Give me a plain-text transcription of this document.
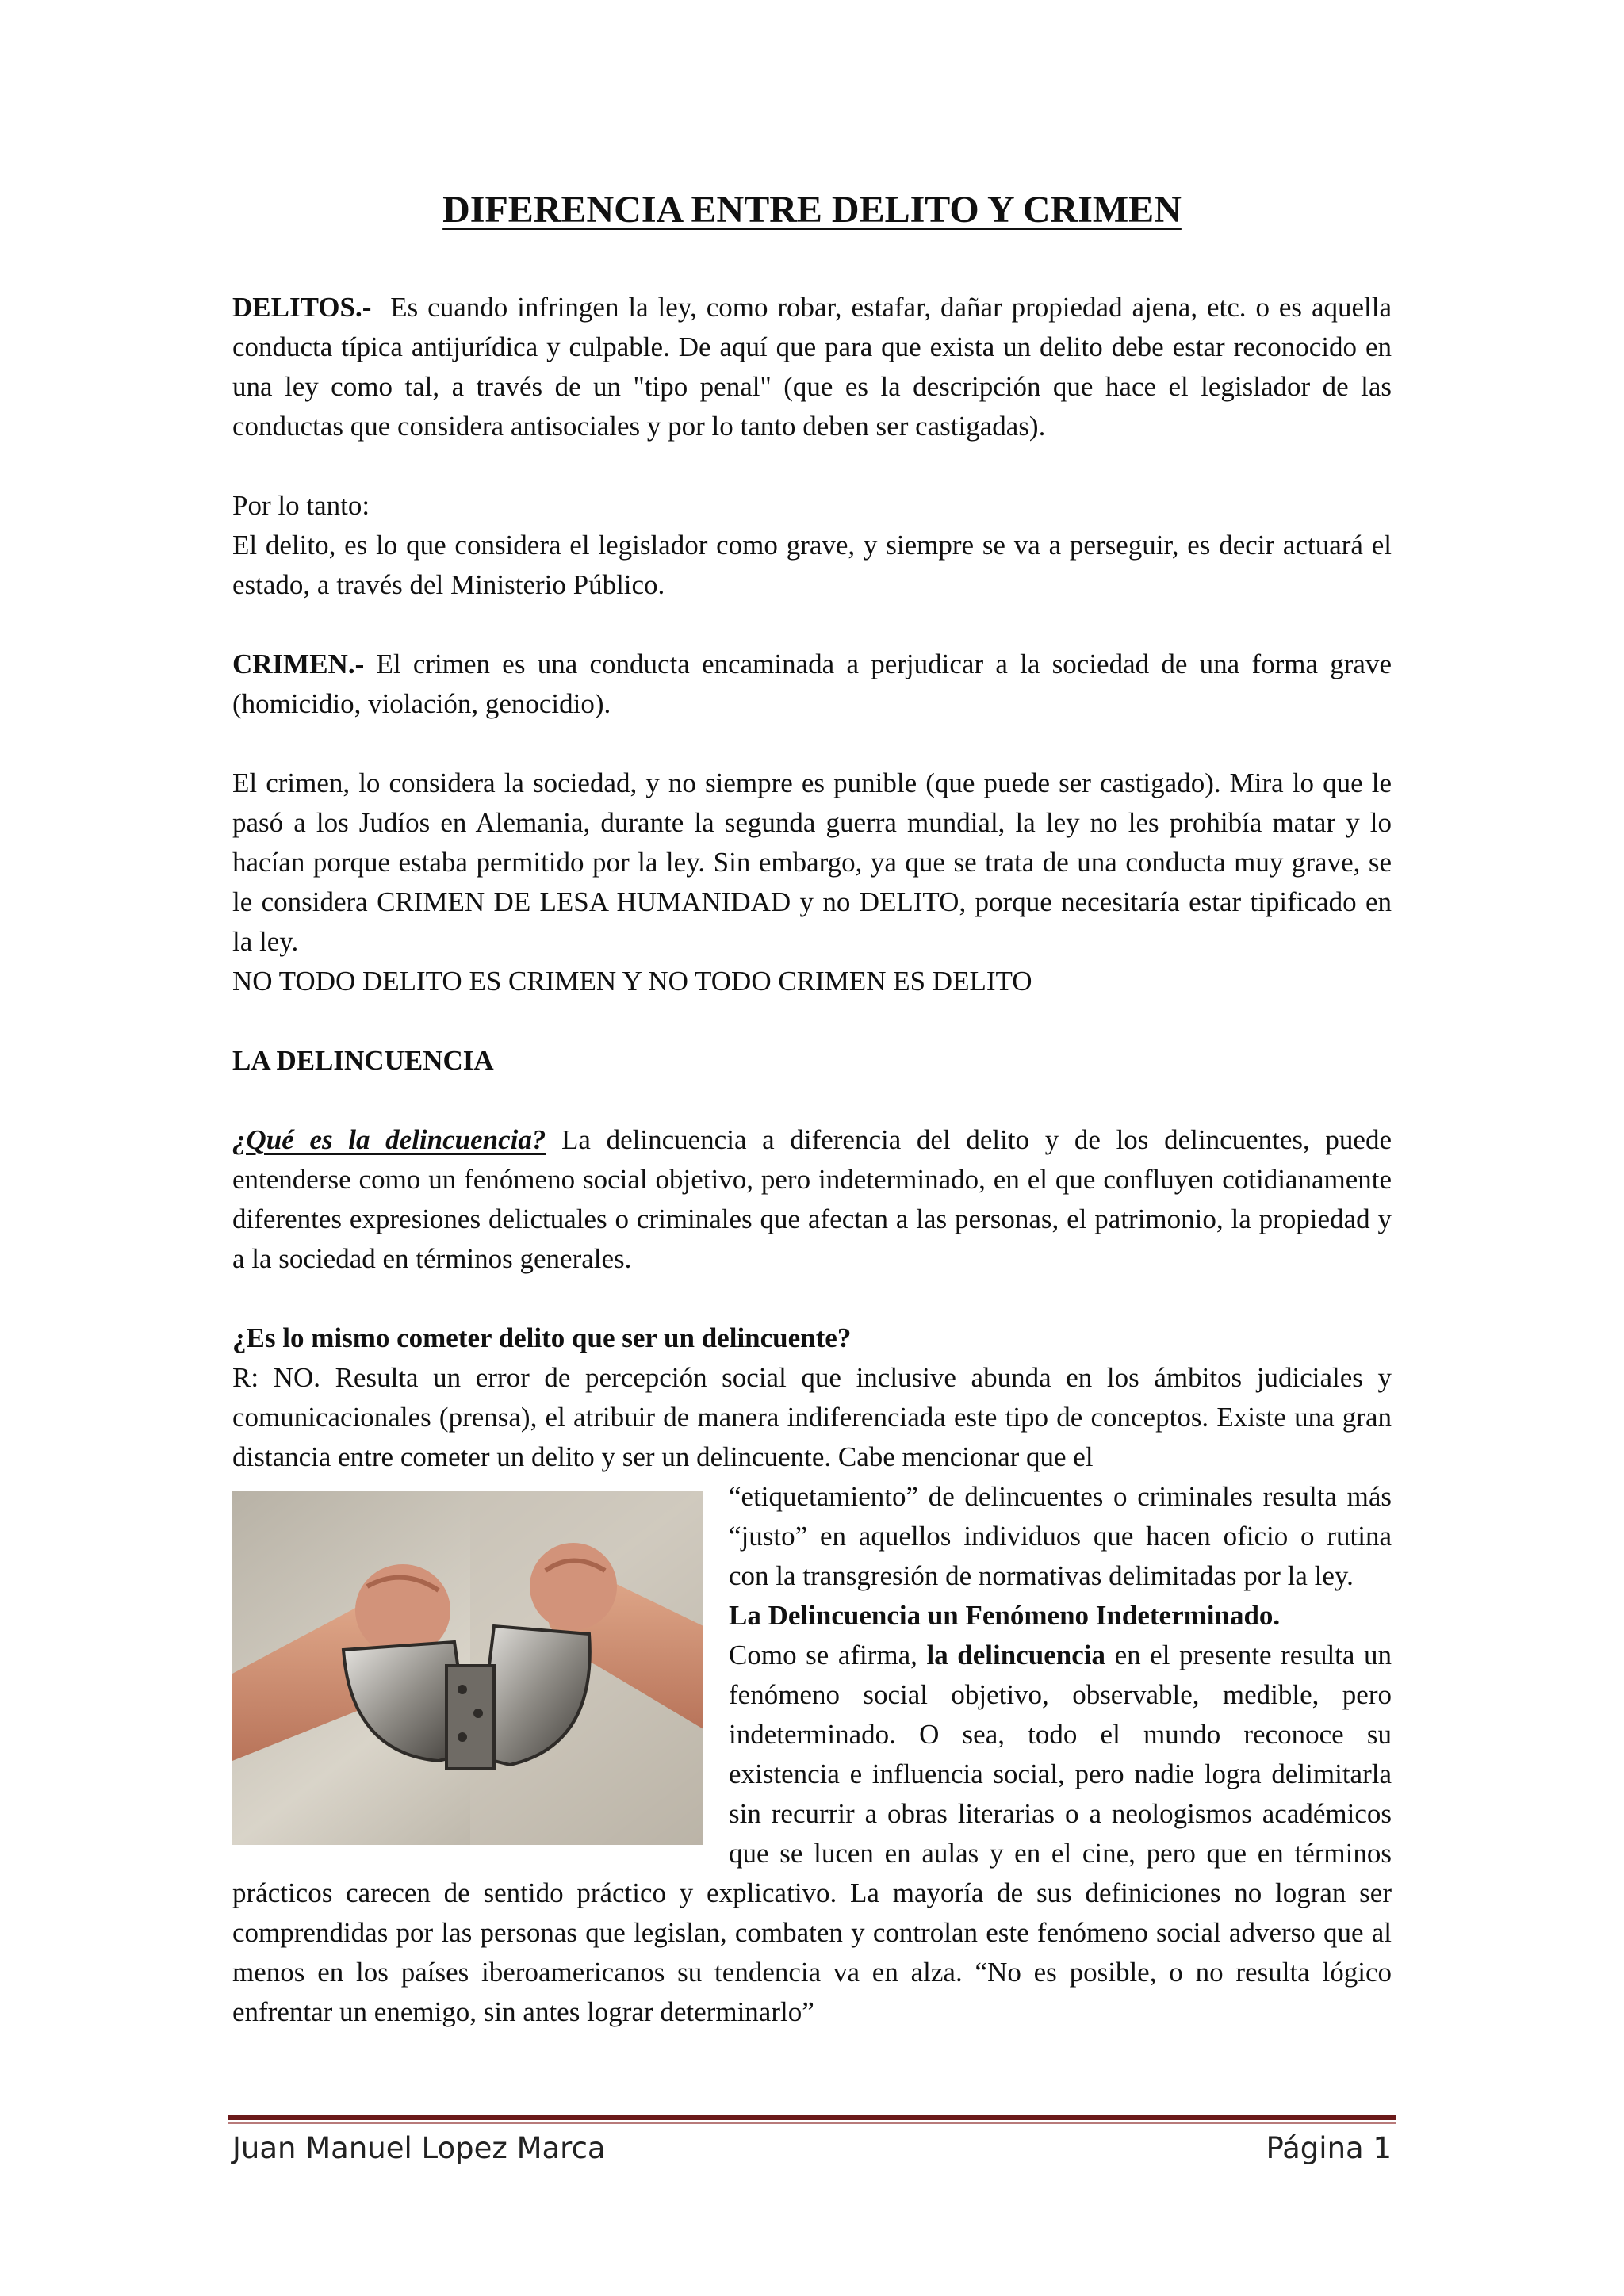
DIFERENCIA ENTRE DELITO Y CRIMEN

DELITOS.- Es cuando infringen la ley, como robar, estafar, dañar propiedad ajena, etc. o es aquella conducta típica antijurídica y culpable. De aquí que para que exista un delito debe estar reconocido en una ley como tal, a través de un "tipo penal" (que es la descripción que hace el legislador de las conductas que considera antisociales y por lo tanto deben ser castigadas).

Por lo tanto:

El delito, es lo que considera el legislador como grave, y siempre se va a perseguir, es decir actuará el estado, a través del Ministerio Público.

CRIMEN.- El crimen es una conducta encaminada a perjudicar a la sociedad de una forma grave (homicidio, violación, genocidio).

El crimen, lo considera la sociedad, y no siempre es punible (que puede ser castigado). Mira lo que le pasó a los Judíos en Alemania, durante la segunda guerra mundial, la ley no les prohibía matar y lo hacían porque estaba permitido por la ley. Sin embargo, ya que se trata de una conducta muy grave, se le considera CRIMEN DE LESA HUMANIDAD y no DELITO, porque necesitaría estar tipificado en la ley.

NO TODO DELITO ES CRIMEN Y NO TODO CRIMEN ES DELITO

LA DELINCUENCIA

¿Qué es la delincuencia? La delincuencia a diferencia del delito y de los delincuentes, puede entenderse como un fenómeno social objetivo, pero indeterminado, en el que confluyen cotidianamente diferentes expresiones delictuales o criminales que afectan a las personas, el patrimonio, la propiedad y a la sociedad en términos generales.

¿Es lo mismo cometer delito que ser un delincuente?

R: NO. Resulta un error de percepción social que inclusive abunda en los ámbitos judiciales y comunicacionales (prensa), el atribuir de manera indiferenciada este tipo de conceptos. Existe una gran distancia entre cometer un delito y ser un delincuente. Cabe mencionar que el

“etiquetamiento” de delincuentes o criminales resulta más “justo” en aquellos individuos que hacen oficio o rutina con la transgresión de normativas delimitadas por la ley.

La Delincuencia un Fenómeno Indeterminado.

Como se afirma, la delincuencia en el presente resulta un fenómeno social objetivo, observable, medible, pero indeterminado. O sea, todo el mundo reconoce su existencia e influencia social, pero nadie logra delimitarla sin recurrir a obras literarias o a neologismos académicos que se lucen en aulas y en el cine, pero que en términos prácticos carecen de sentido práctico y explicativo. La mayoría de sus definiciones no logran ser comprendidas por las personas que legislan, combaten y controlan este fenómeno social adverso que al menos en los países iberoamericanos su tendencia va en alza. “No es posible, o no resulta lógico enfrentar un enemigo, sin antes lograr determinarlo”

Juan Manuel Lopez Marca	Página 1
